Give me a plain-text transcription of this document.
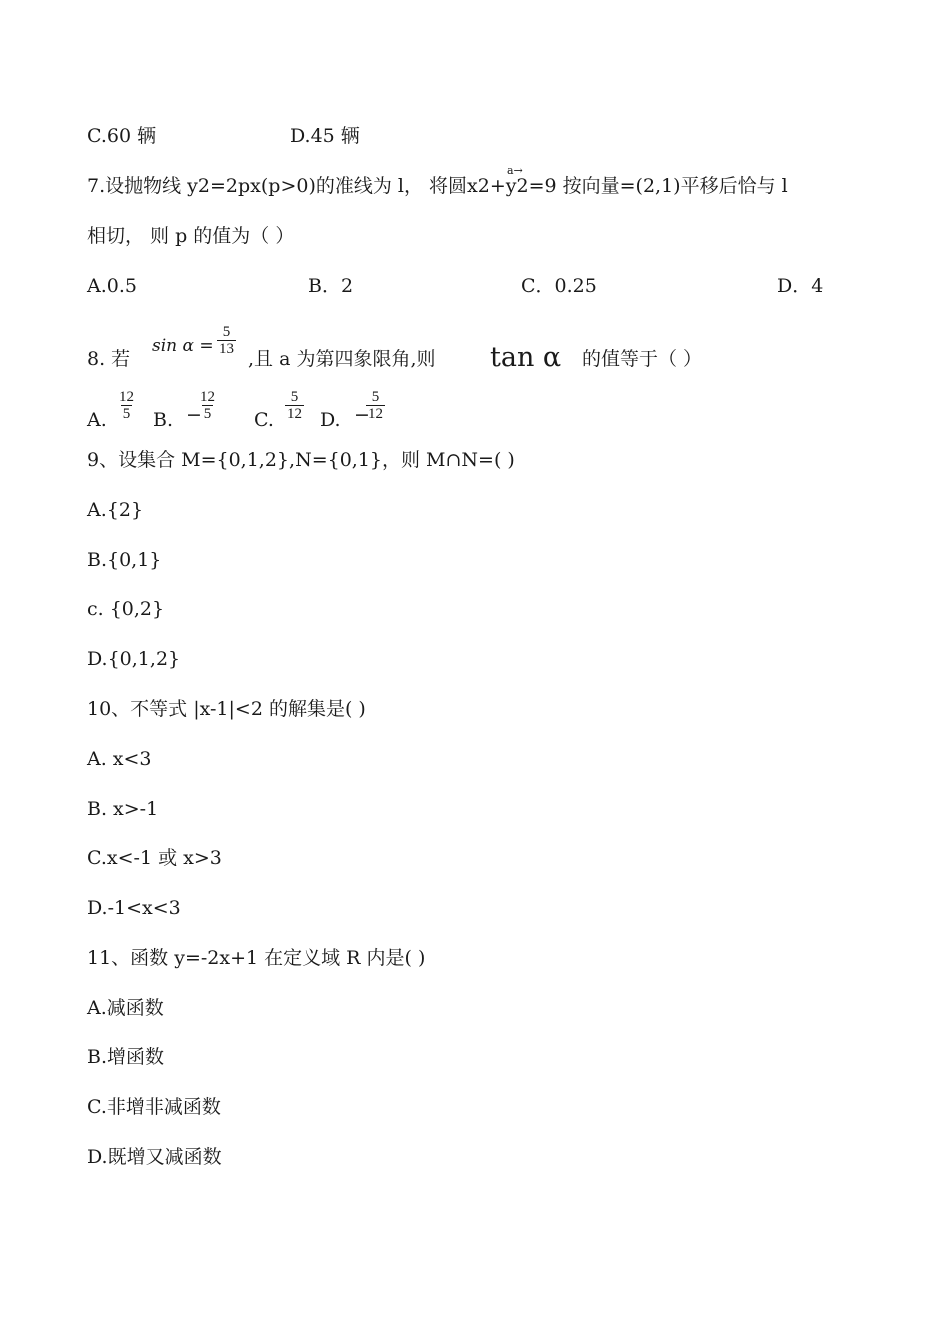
C.60 辆	D.45 辆
7.设抛物线 y2=2px(p>0)的准线为 l， 将圆x2+y2=9 按向量=(2,1)平移后恰与 l
a→
相切， 则 p 的值为（ ）
A.0.5	B．2	C．0.25	D．4
8. 若
$\sin \alpha = \frac{5}{13}$
,且 a 为第四象限角,则 tan α 的值等于（ ）
A. $\frac{12}{5} B$. −
$\frac{12}{5} C$. $\frac{5}{12} D$. −
$\frac{5}{12}$
9、设集合 M={0,1,2},N={0,1}，则 M∩N=( )
A.{2}
B.{0,1}
c. {0,2}
D.{0,1,2}
10、不等式 |x-1|<2 的解集是( )
A. x<3
B. x>-1
C.x<-1 或 x>3
D.-1<x<3
11、函数 y=-2x+1 在定义域 R 内是( )
A.减函数
B.增函数
C.非增非减函数
D.既增又减函数
